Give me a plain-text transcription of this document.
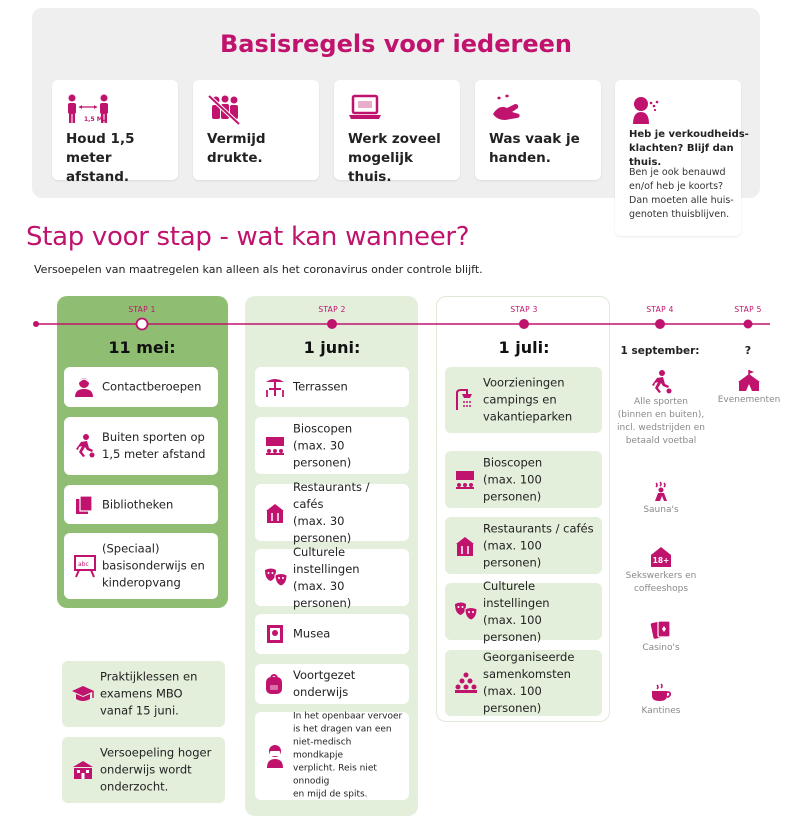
Basisregels voor iedereen
1,5 M.
Houd 1,5 meter
afstand.
Vermijd drukte.
Werk zoveel
mogelijk thuis.
Was vaak je
handen.
Heb je verkoudheids-
klachten? Blijf dan thuis.
Ben je ook benauwd
en/of heb je koorts?
Dan moeten alle huis-
genoten thuisblijven.
Stap voor stap - wat kan wanneer?
Versoepelen van maatregelen kan alleen als het coronavirus onder controle blijft.
STAP 1	STAP 2	STAP 3	STAP 4	STAP 5
11 mei:	1 juni:	1 juli:	1 september:	?
Contactberoepen
Buiten sporten op
1,5 meter afstand
Bibliotheken
abc
(Speciaal)
basisonderwijs en
kinderopvang
Praktijklessen en
examens MBO
vanaf 15 juni.
Versoepeling hoger
onderwijs wordt
onderzocht.
Terrassen
Bioscopen
(max. 30 personen)
Restaurants / cafés
(max. 30 personen)
Culturele instellingen
(max. 30 personen)
Musea
Voortgezet onderwijs
In het openbaar vervoer
is het dragen van een
niet-medisch mondkapje
verplicht. Reis niet onnodig
en mijd de spits.
Voorzieningen
campings en
vakantieparken
Bioscopen
(max. 100 personen)
Restaurants / cafés
(max. 100 personen)
Culturele instellingen
(max. 100 personen)
Georganiseerde
samenkomsten
(max. 100 personen)
Alle sporten
(binnen en buiten),
incl. wedstrijden en
betaald voetbal
Sauna's
18+
Sekswerkers en
coffeeshops
Casino's
Kantines
Evenementen
